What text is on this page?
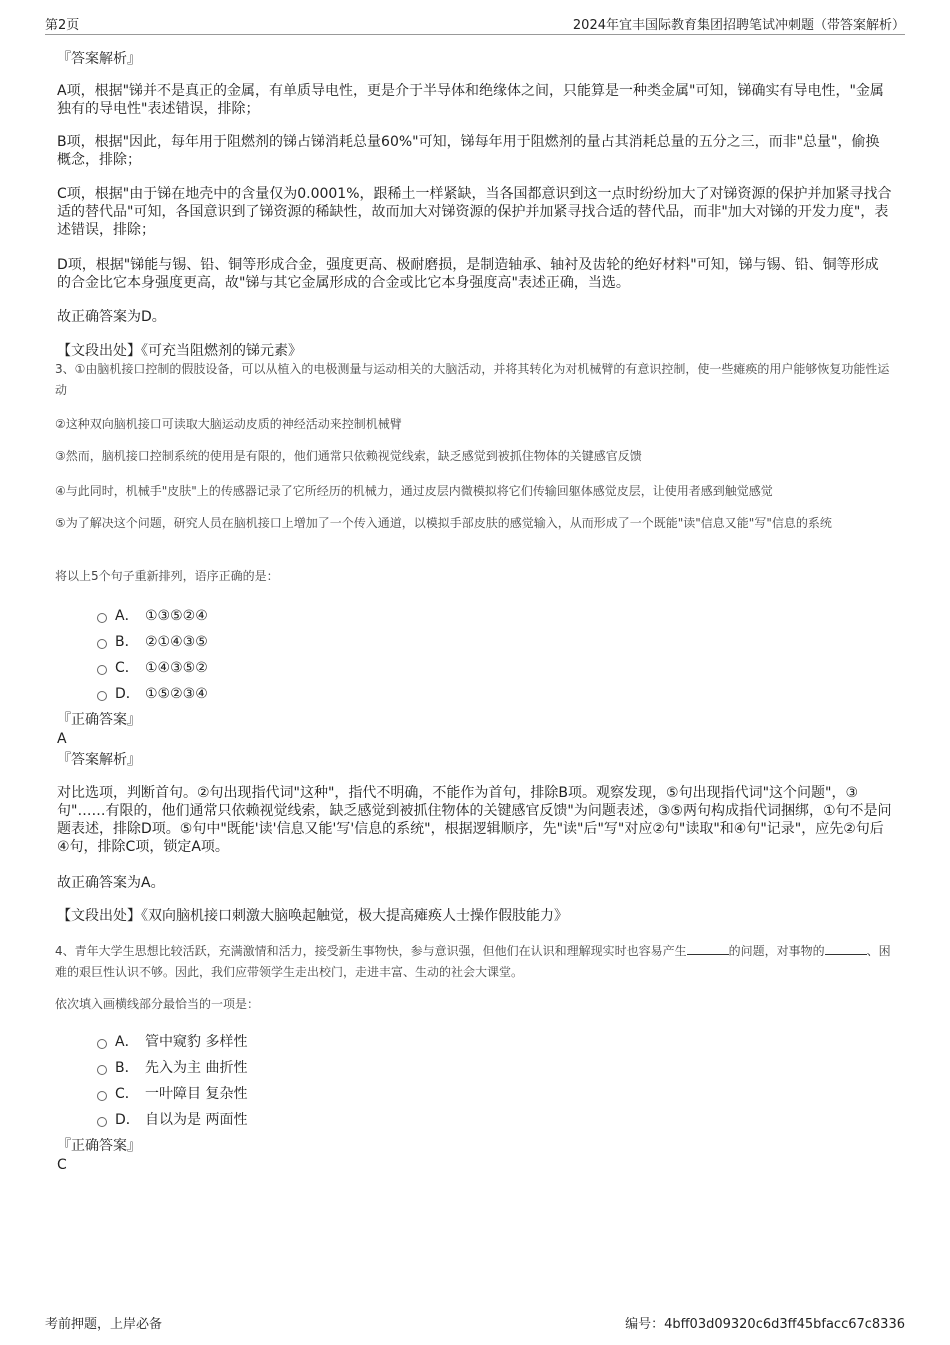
第2页	2024年宜丰国际教育集团招聘笔试冲刺题（带答案解析）
『答案解析』
A项，根据"锑并不是真正的金属，有单质导电性，更是介于半导体和绝缘体之间，只能算是一种类金属"可知，锑确实有导电性，"金属独有的导电性"表述错误，排除；
B项，根据"因此，每年用于阻燃剂的锑占锑消耗总量60%"可知，锑每年用于阻燃剂的量占其消耗总量的五分之三，而非"总量"，偷换概念，排除；
C项，根据"由于锑在地壳中的含量仅为0.0001%，跟稀土一样紧缺，当各国都意识到这一点时纷纷加大了对锑资源的保护并加紧寻找合适的替代品"可知，各国意识到了锑资源的稀缺性，故而加大对锑资源的保护并加紧寻找合适的替代品，而非"加大对锑的开发力度"，表述错误，排除；
D项，根据"锑能与锡、铅、铜等形成合金，强度更高、极耐磨损，是制造轴承、轴衬及齿轮的绝好材料"可知，锑与锡、铅、铜等形成的合金比它本身强度更高，故"锑与其它金属形成的合金或比它本身强度高"表述正确，当选。
故正确答案为D。
【文段出处】《可充当阻燃剂的锑元素》
3、①由脑机接口控制的假肢设备，可以从植入的电极测量与运动相关的大脑活动，并将其转化为对机械臂的有意识控制，使一些瘫痪的用户能够恢复功能性运动
②这种双向脑机接口可读取大脑运动皮质的神经活动来控制机械臂
③然而，脑机接口控制系统的使用是有限的，他们通常只依赖视觉线索，缺乏感觉到被抓住物体的关键感官反馈
④与此同时，机械手"皮肤"上的传感器记录了它所经历的机械力，通过皮层内微模拟将它们传输回躯体感觉皮层，让使用者感到触觉感觉
⑤为了解决这个问题，研究人员在脑机接口上增加了一个传入通道，以模拟手部皮肤的感觉输入，从而形成了一个既能"读"信息又能"写"信息的系统
将以上5个句子重新排列，语序正确的是：
A． ①③⑤②④
B． ②①④③⑤
C． ①④③⑤②
D． ①⑤②③④
『正确答案』
A
『答案解析』
对比选项，判断首句。②句出现指代词"这种"，指代不明确，不能作为首句，排除B项。观察发现，⑤句出现指代词"这个问题"，③句"……有限的，他们通常只依赖视觉线索，缺乏感觉到被抓住物体的关键感官反馈"为问题表述，③⑤两句构成指代词捆绑，①句不是问题表述，排除D项。⑤句中"既能'读'信息又能'写'信息的系统"，根据逻辑顺序，先"读"后"写"对应②句"读取"和④句"记录"，应先②句后④句，排除C项，锁定A项。
故正确答案为A。
【文段出处】《双向脑机接口刺激大脑唤起触觉，极大提高瘫痪人士操作假肢能力》
4、青年大学生思想比较活跃，充满激情和活力，接受新生事物快，参与意识强，但他们在认识和理解现实时也容易产生	的问题，对事物的	、困难的艰巨性认识不够。因此，我们应带领学生走出校门，走进丰富、生动的社会大课堂。
依次填入画横线部分最恰当的一项是：
A． 管中窥豹 多样性
B． 先入为主 曲折性
C． 一叶障目 复杂性
D． 自以为是 两面性
『正确答案』
C
考前押题，上岸必备	编号：4bff03d09320c6d3ff45bfacc67c8336
